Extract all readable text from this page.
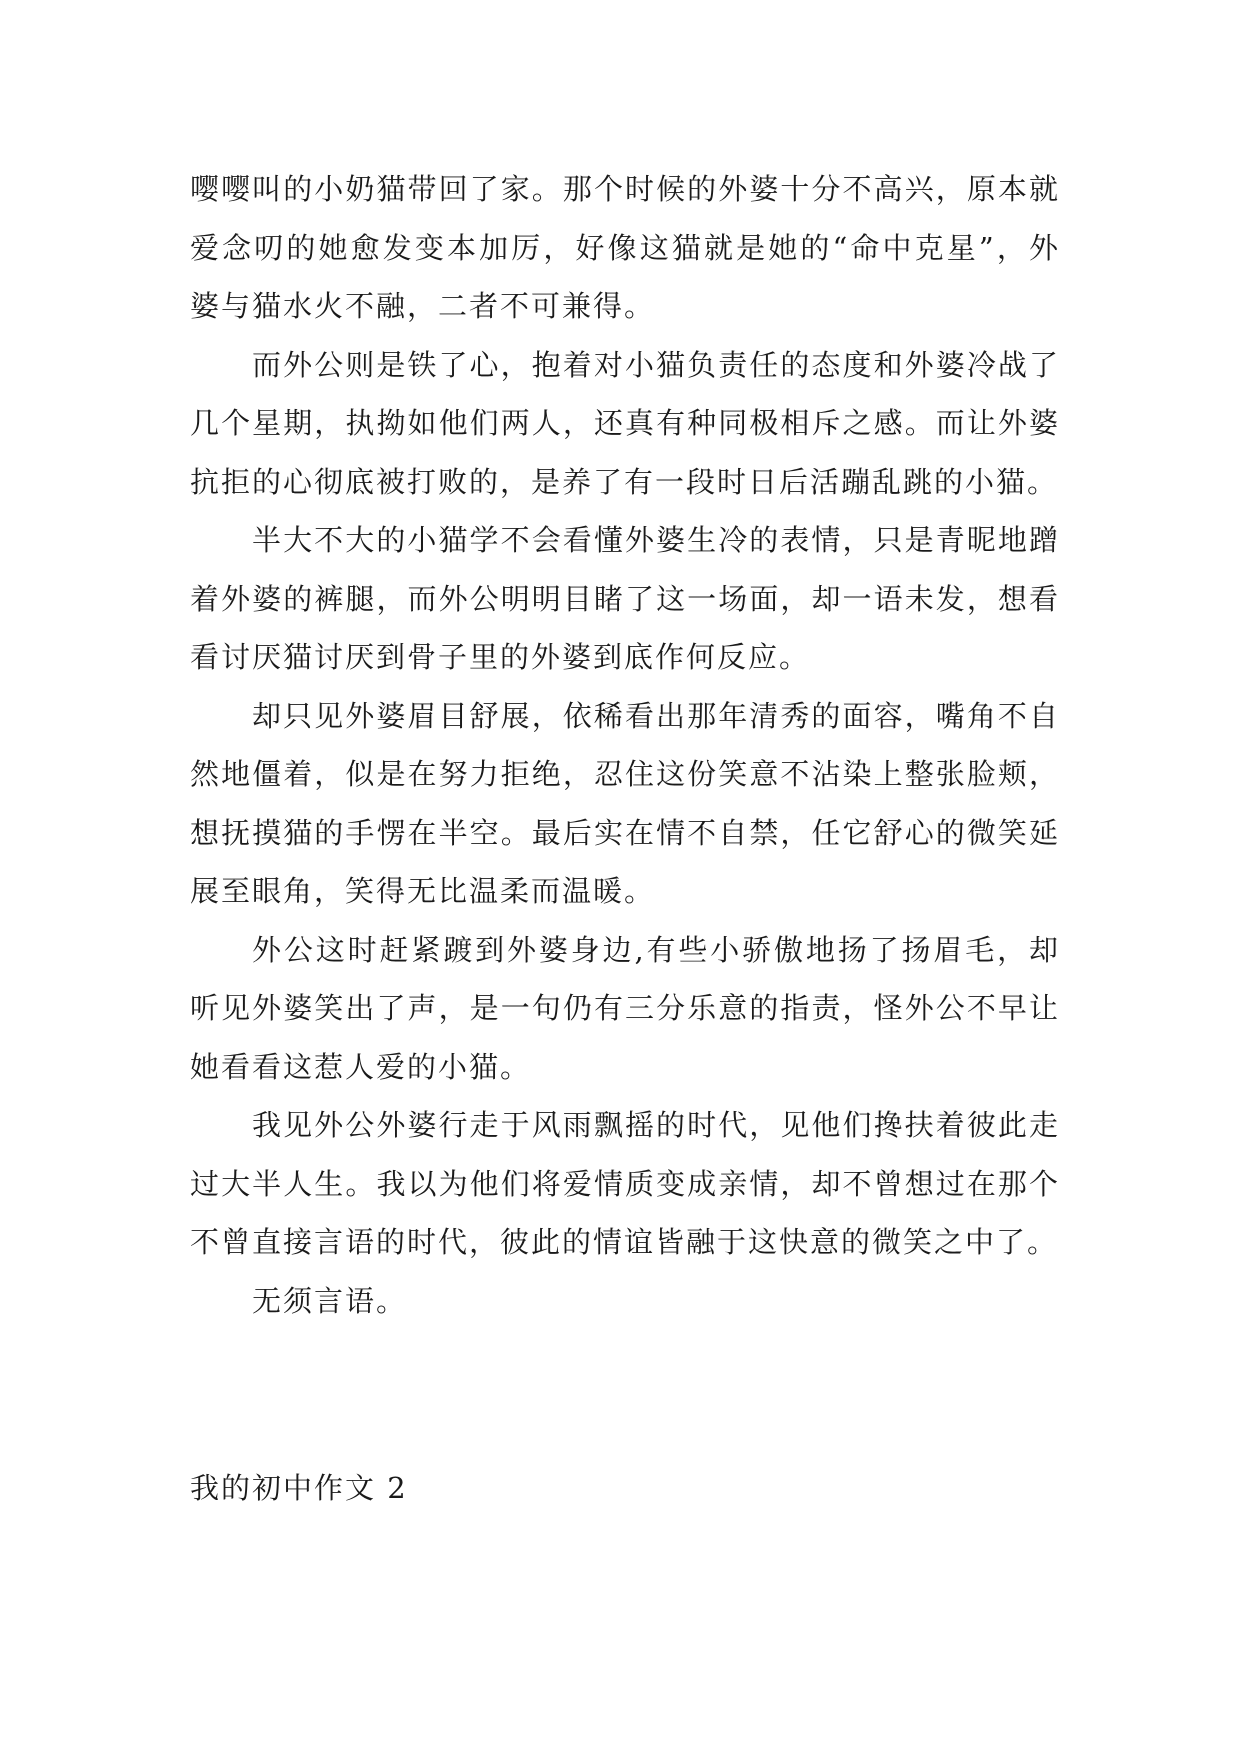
嘤嘤叫的小奶猫带回了家。那个时候的外婆十分不高兴，原本就爱念叨的她愈发变本加厉，好像这猫就是她的“命中克星”，外婆与猫水火不融，二者不可兼得。

而外公则是铁了心，抱着对小猫负责任的态度和外婆冷战了几个星期，执拗如他们两人，还真有种同极相斥之感。而让外婆抗拒的心彻底被打败的，是养了有一段时日后活蹦乱跳的小猫。

半大不大的小猫学不会看懂外婆生冷的表情，只是青昵地蹭着外婆的裤腿，而外公明明目睹了这一场面，却一语未发，想看看讨厌猫讨厌到骨子里的外婆到底作何反应。

却只见外婆眉目舒展，依稀看出那年清秀的面容，嘴角不自然地僵着，似是在努力拒绝，忍住这份笑意不沾染上整张脸颊，想抚摸猫的手愣在半空。最后实在情不自禁，任它舒心的微笑延展至眼角，笑得无比温柔而温暖。

外公这时赶紧踱到外婆身边,有些小骄傲地扬了扬眉毛，却听见外婆笑出了声，是一句仍有三分乐意的指责，怪外公不早让她看看这惹人爱的小猫。

我见外公外婆行走于风雨飘摇的时代，见他们搀扶着彼此走过大半人生。我以为他们将爱情质变成亲情，却不曾想过在那个不曾直接言语的时代，彼此的情谊皆融于这快意的微笑之中了。

无须言语。

我的初中作文 2
